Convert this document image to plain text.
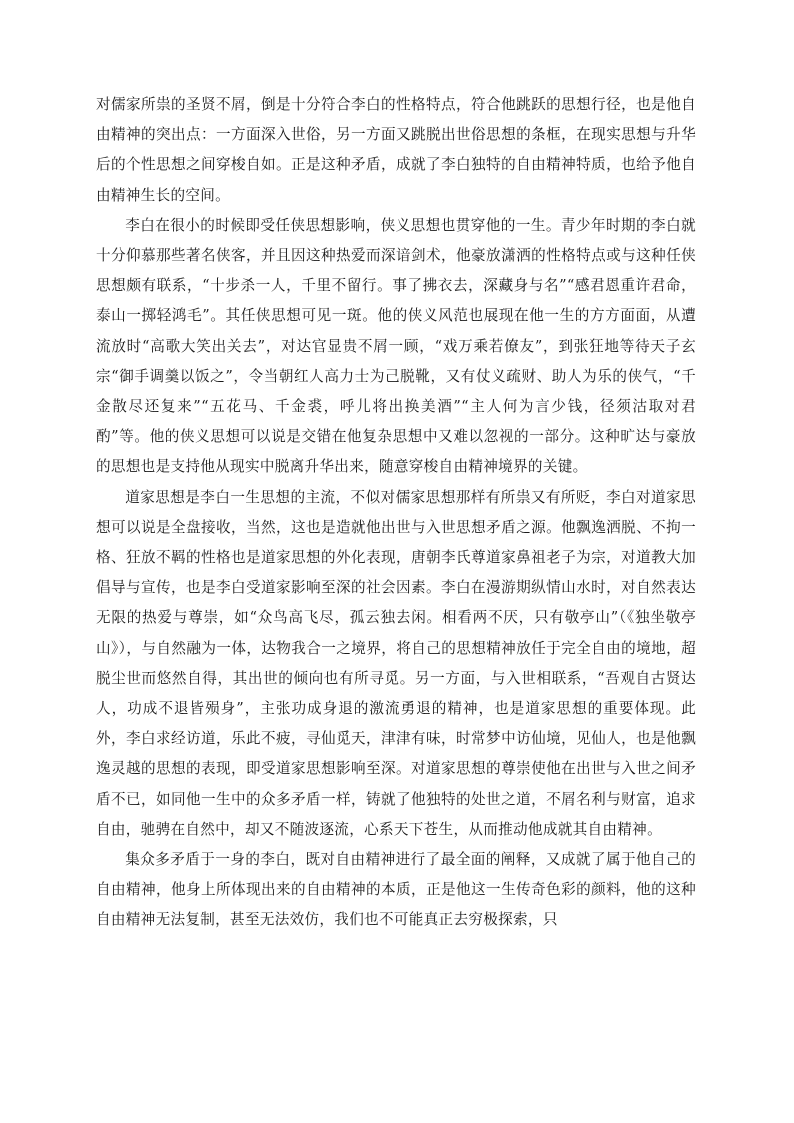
对儒家所祟的圣贤不屑，倒是十分符合李白的性格特点，符合他跳跃的思想行径，也是他自由精神的突出点：一方面深入世俗，另一方面又跳脱出世俗思想的条框，在现实思想与升华后的个性思想之间穿梭自如。正是这种矛盾，成就了李白独特的自由精神特质，也给予他自由精神生长的空间。

李白在很小的时候即受任侠思想影响，侠义思想也贯穿他的一生。青少年时期的李白就十分仰慕那些著名侠客，并且因这种热爱而深谙剑术，他豪放潇洒的性格特点或与这种任侠思想颇有联系，“十步杀一人，千里不留行。事了拂衣去，深藏身与名”“感君恩重许君命，泰山一掷轻鸿毛”。其任侠思想可见一斑。他的侠义风范也展现在他一生的方方面面，从遭流放时“高歌大笑出关去”，对达官显贵不屑一顾，“戏万乘若僚友”，到张狂地等待天子玄宗“御手调羹以饭之”，令当朝红人高力士为己脱靴，又有仗义疏财、助人为乐的侠气，“千金散尽还复来”“五花马、千金裘，呼儿将出换美酒”“主人何为言少钱，径须沽取对君酌”等。他的侠义思想可以说是交错在他复杂思想中又难以忽视的一部分。这种旷达与豪放的思想也是支持他从现实中脱离升华出来，随意穿梭自由精神境界的关键。

道家思想是李白一生思想的主流，不似对儒家思想那样有所祟又有所贬，李白对道家思想可以说是全盘接收，当然，这也是造就他出世与入世思想矛盾之源。他飘逸洒脱、不拘一格、狂放不羁的性格也是道家思想的外化表现，唐朝李氏尊道家鼻祖老子为宗，对道教大加倡导与宣传，也是李白受道家影响至深的社会因素。李白在漫游期纵情山水时，对自然表达无限的热爱与尊崇，如“众鸟高飞尽，孤云独去闲。相看两不厌，只有敬亭山”（《独坐敬亭山》），与自然融为一体，达物我合一之境界，将自己的思想精神放任于完全自由的境地，超脱尘世而悠然自得，其出世的倾向也有所寻觅。另一方面，与入世相联系，“吾观自古贤达人，功成不退皆殒身”，主张功成身退的激流勇退的精神，也是道家思想的重要体现。此外，李白求经访道，乐此不疲，寻仙觅天，津津有味，时常梦中访仙境，见仙人，也是他飘逸灵越的思想的表现，即受道家思想影响至深。对道家思想的尊崇使他在出世与入世之间矛盾不已，如同他一生中的众多矛盾一样，铸就了他独特的处世之道，不屑名利与财富，追求自由，驰骋在自然中，却又不随波逐流，心系天下苍生，从而推动他成就其自由精神。

集众多矛盾于一身的李白，既对自由精神进行了最全面的阐释，又成就了属于他自己的自由精神，他身上所体现出来的自由精神的本质，正是他这一生传奇色彩的颜料，他的这种自由精神无法复制，甚至无法效仿，我们也不可能真正去穷极探索，只
